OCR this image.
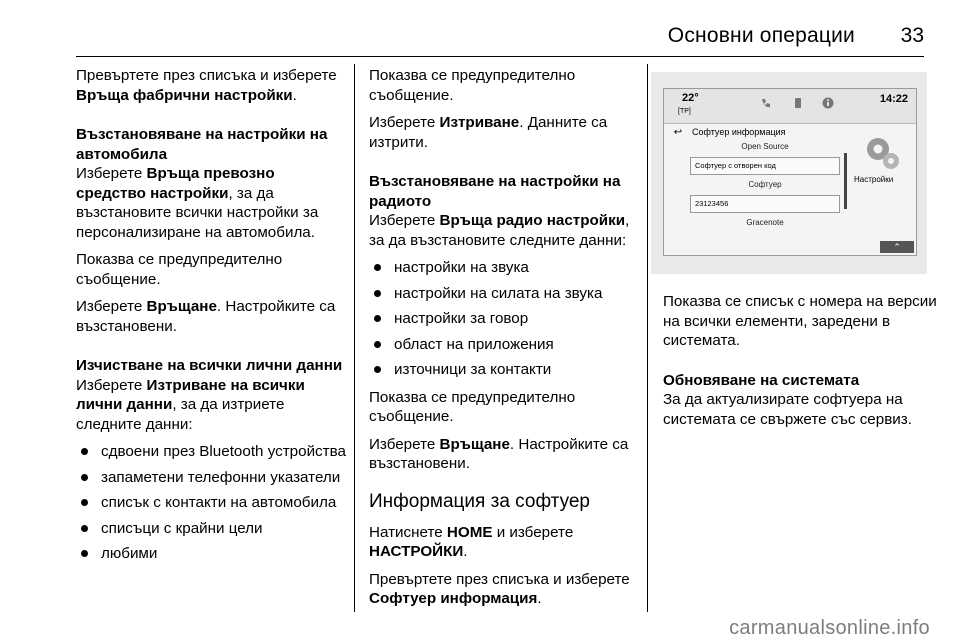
Основни операции 33

Превъртете през списъка и изберете Връща фабрични настройки.

Възстановяване на настройки на автомобила

Изберете Връща превозно средство настройки, за да възстановите всички настройки за персонализиране на автомобила.

Показва се предупредително съобщение.

Изберете Връщане. Настройките са възстановени.

Изчистване на всички лични данни

Изберете Изтриване на всички лични данни, за да изтриете следните данни:

сдвоени през Bluetooth устройства
запаметени телефонни указатели
списък с контакти на автомобила
списъци с крайни цели
любими

Показва се предупредително съобщение.

Изберете Изтриване. Данните са изтрити.

Възстановяване на настройки на радиото

Изберете Връща радио настройки, за да възстановите следните данни:

настройки на звука
настройки на силата на звука
настройки за говор
област на приложения
източници за контакти

Показва се предупредително съобщение.

Изберете Връщане. Настройките са възстановени.

Информация за софтуер

Натиснете HOME и изберете НАСТРОЙКИ.

Превъртете през списъка и изберете Софтуер информация.

22°
[TP]
14:22
↩	Софтуер информация
Open Source
Софтуер с отворен код
Софтуер
23123456
Gracenote
Настройки
⌃

Показва се списък с номера на версии на всички елементи, заредени в системата.

Обновяване на системата

За да актуализирате софтуера на системата се свържете със сервиз.

carmanualsonline.info
